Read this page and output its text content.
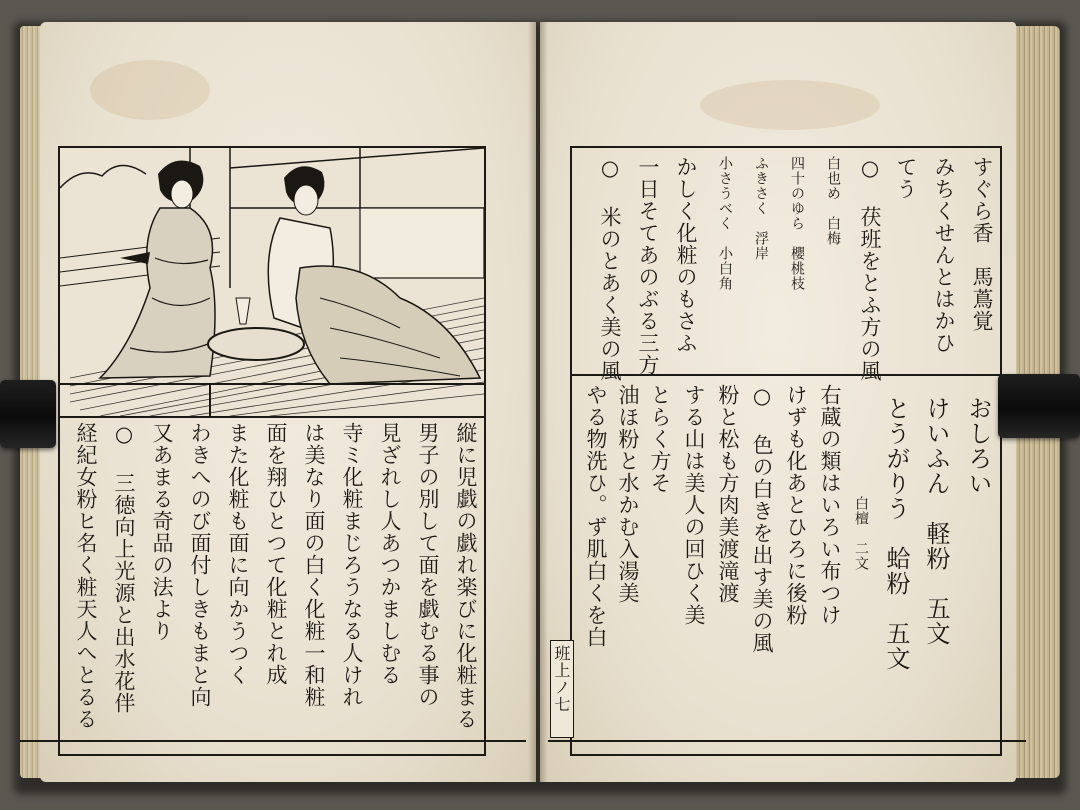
縦に児戯の戯れ楽びに化粧まる
男子の別して面を戯むる事の
見ざれし人あつかましむる
寺ミ化粧まじろうなる人けれ
は美なり面の白く化粧一和粧
面を翔ひとつて化粧とれ成
また化粧も面に向かうつく
わきへのび面付しきもまと向
又あまる奇品の法より
○ 三徳向上光源と出水花伴
経紀女粉ヒ名く粧天人へとるる
すぐら香　馬蔦覚
みちくせんとはかひ
てう
○ 茯班をとふ方の風
白也め　白梅
四十のゆら　櫻桃枝
ふきさく　浮岸
小さうべく　小白角
かしく化粧のもさふ
一日そてあのぶる三方
○ 米のとあく美の風
おしろい
けいふん　軽粉　五文
とうがりう　蛤粉　五文
白檀　二文
右蔵の類はいろい布つけ
けずも化あとひろに後粉
○ 色の白きを出す美の風
粉と松も方肉美渡滝渡
する山は美人の回ひく美
とらく方そ
油ほ粉と水かむ入湯美
やる物洗ひ。ず肌白くを白
班上ノ七
